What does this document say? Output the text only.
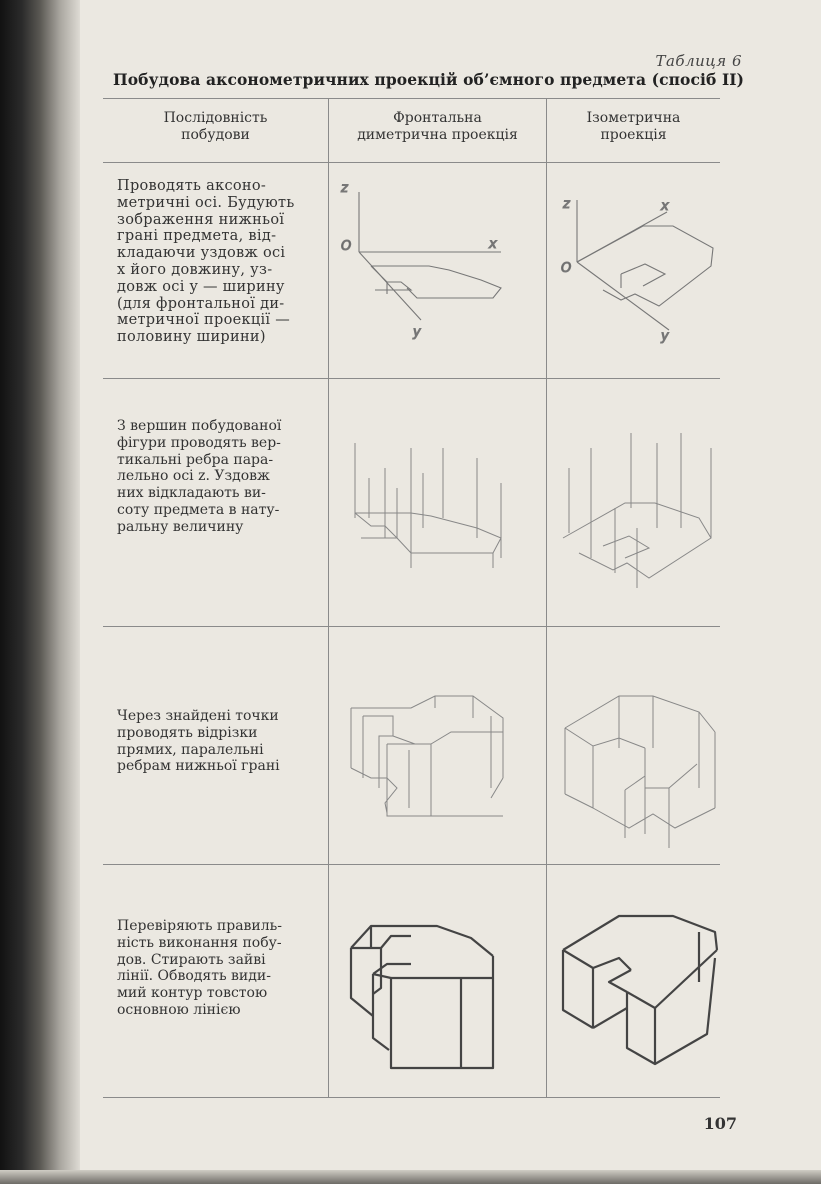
Таблиця 6
Побудова аксонометричних проекцій об’ємного предмета (спосіб II)
Послідовність
побудови
Фронтальна
диметрична проекція
Ізометрична
проекція
Проводять аксоно-
метричні осі. Будують
зображення нижньої
грані предмета, від-
кладаючи уздовж осі
x його довжину, уз-
довж осі y — ширину
(для фронтальної ди-
метричної проекції —
половину ширини)
З вершин побудованої
фігури проводять вер-
тикальні ребра пара-
лельно осі z. Уздовж
них відкладають ви-
соту предмета в нату-
ральну величину
Через знайдені точки
проводять відрізки
прямих, паралельні
ребрам нижньої грані
Перевіряють правиль-
ність виконання побу-
дов. Стирають зайві
лінії. Обводять види-
мий контур товстою
основною лінією
z
O	x
y
z	x
O
y
107
